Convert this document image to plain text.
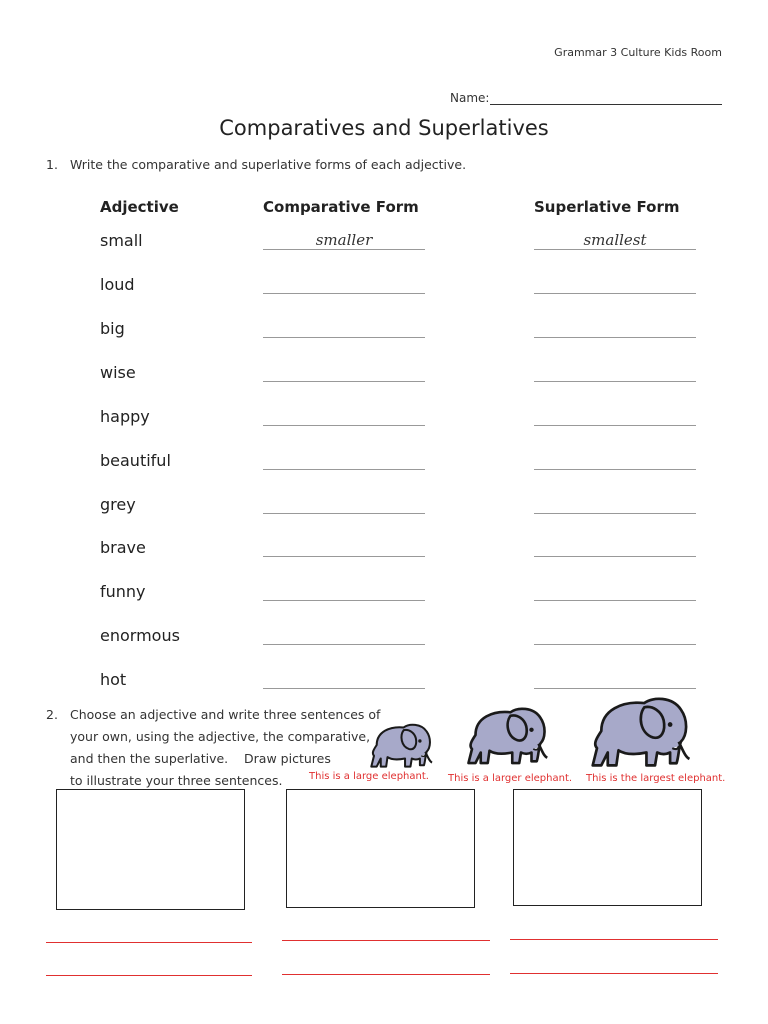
Grammar 3 Culture Kids Room
Name:
Comparatives and Superlatives
1. Write the comparative and superlative forms of each adjective.
Adjective	Comparative Form	Superlative Form
small	smaller	smallest
loud
big
wise
happy
beautiful
grey
brave
funny
enormous
hot
2. Choose an adjective and write three sentences of
your own, using the adjective, the comparative,
and then the superlative.    Draw pictures
to illustrate your three sentences.	This is a large elephant. This is a larger elephant. This is the largest elephant.
